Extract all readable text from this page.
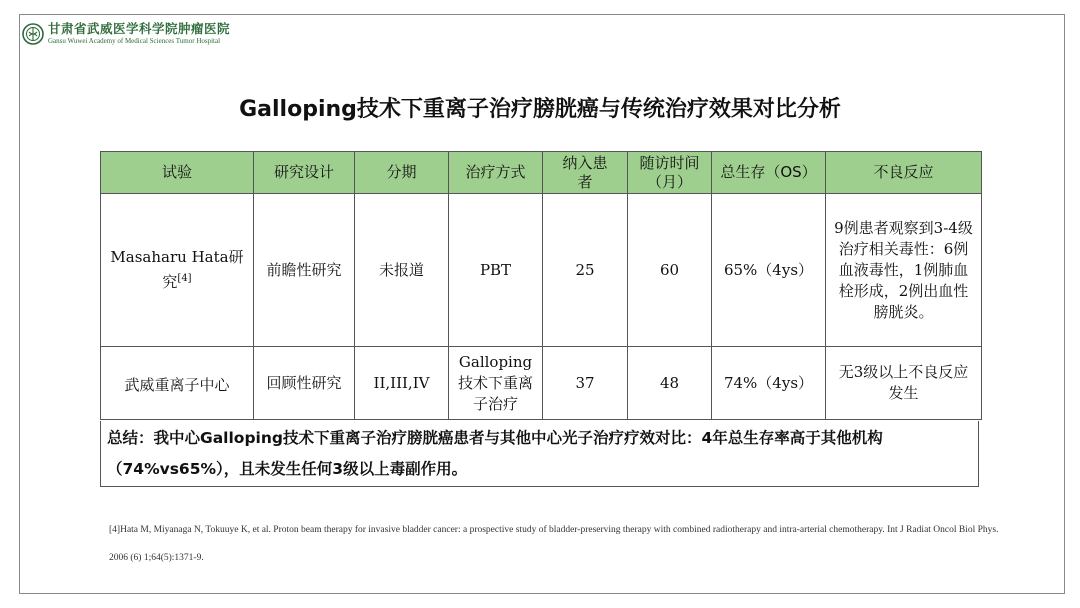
甘肃省武威医学科学院肿瘤医院
Gansu Wuwei Academy of Medical Sciences Tumor Hospital
Galloping技术下重离子治疗膀胱癌与传统治疗效果对比分析
试验	研究设计	分期	治疗方式	纳入患者	随访时间（月）	总生存（OS）	不良反应
Masaharu Hata研究[4]	前瞻性研究	未报道	PBT	25	60	65%（4ys）	9例患者观察到3-4级治疗相关毒性：6例血液毒性，1例肺血栓形成，2例出血性膀胱炎。
武威重离子中心	回顾性研究	II,III,IV	Galloping技术下重离子治疗	37	48	74%（4ys）	无3级以上不良反应发生
总结：我中心Galloping技术下重离子治疗膀胱癌患者与其他中心光子治疗疗效对比：4年总生存率高于其他机构（74%vs65%），且未发生任何3级以上毒副作用。
[4]Hata M, Miyanaga N, Tokuuye K, et al. Proton beam therapy for invasive bladder cancer: a prospective study of bladder-preserving therapy with combined radiotherapy and intra-arterial chemotherapy. Int J Radiat Oncol Biol Phys. 2006 (6) 1;64(5):1371-9.
